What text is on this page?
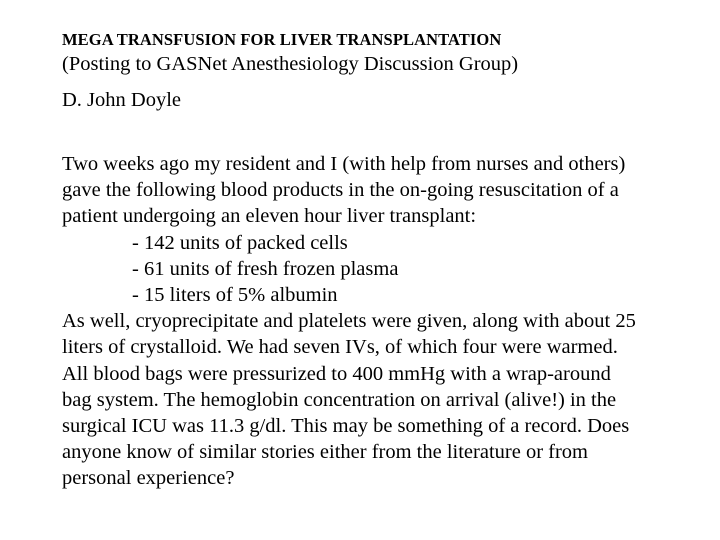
MEGA TRANSFUSION FOR LIVER TRANSPLANTATION
(Posting to GASNet Anesthesiology Discussion Group)
D. John Doyle
Two weeks ago my resident and I (with help from nurses and others)
gave the following blood products in the on-going resuscitation of a
patient undergoing an eleven hour liver transplant:
- 142 units of packed cells
- 61 units of fresh frozen plasma
- 15 liters of 5% albumin
As well, cryoprecipitate and platelets were given, along with about 25
liters of crystalloid. We had seven IVs, of which four were warmed.
All blood bags were pressurized to 400 mmHg with a wrap-around
bag system. The hemoglobin concentration on arrival (alive!) in the
surgical ICU was 11.3 g/dl. This may be something of a record. Does
anyone know of similar stories either from the literature or from
personal experience?
